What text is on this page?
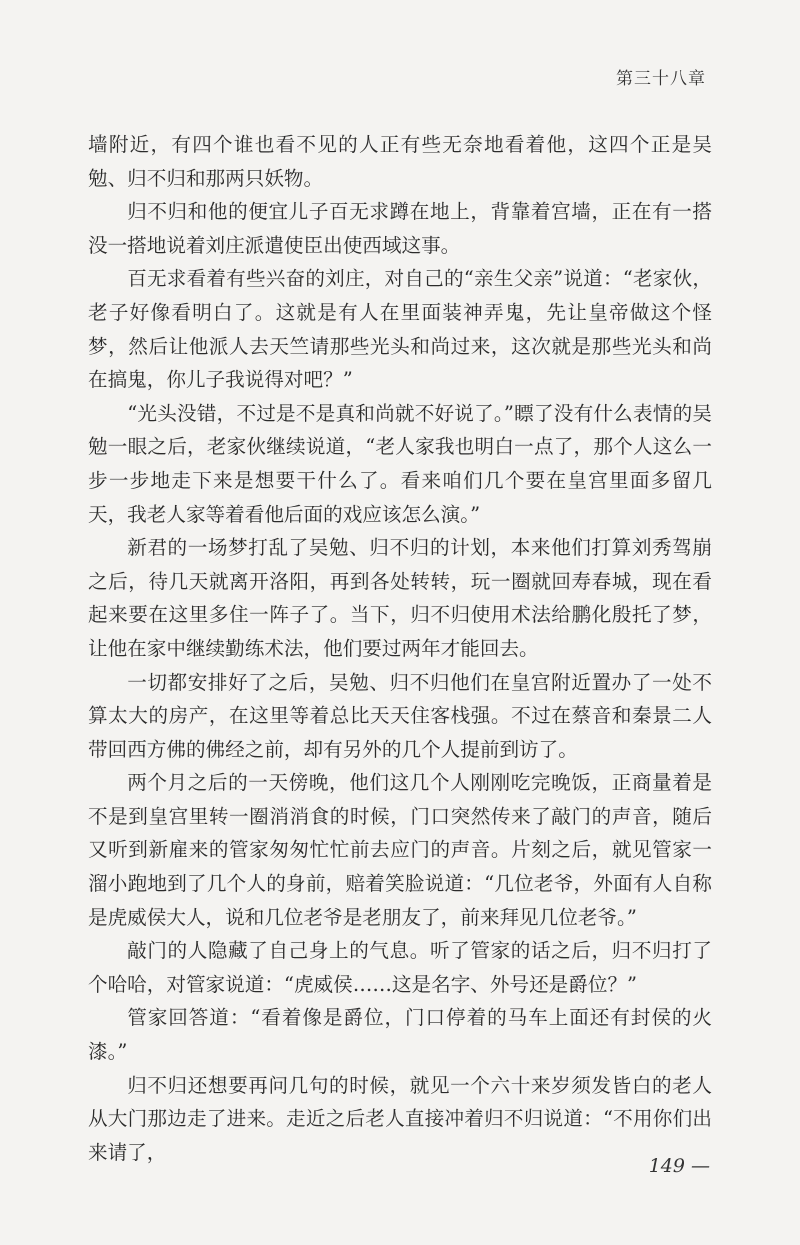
第三十八章

墙附近，有四个谁也看不见的人正有些无奈地看着他，这四个正是吴勉、归不归和那两只妖物。

归不归和他的便宜儿子百无求蹲在地上，背靠着宫墙，正在有一搭没一搭地说着刘庄派遣使臣出使西域这事。

百无求看着有些兴奋的刘庄，对自己的“亲生父亲”说道：“老家伙，老子好像看明白了。这就是有人在里面装神弄鬼，先让皇帝做这个怪梦，然后让他派人去天竺请那些光头和尚过来，这次就是那些光头和尚在搞鬼，你儿子我说得对吧？”

“光头没错，不过是不是真和尚就不好说了。”瞟了没有什么表情的吴勉一眼之后，老家伙继续说道，“老人家我也明白一点了，那个人这么一步一步地走下来是想要干什么了。看来咱们几个要在皇宫里面多留几天，我老人家等着看他后面的戏应该怎么演。”

新君的一场梦打乱了吴勉、归不归的计划，本来他们打算刘秀驾崩之后，待几天就离开洛阳，再到各处转转，玩一圈就回寿春城，现在看起来要在这里多住一阵子了。当下，归不归使用术法给鹏化殷托了梦，让他在家中继续勤练术法，他们要过两年才能回去。

一切都安排好了之后，吴勉、归不归他们在皇宫附近置办了一处不算太大的房产，在这里等着总比天天住客栈强。不过在蔡音和秦景二人带回西方佛的佛经之前，却有另外的几个人提前到访了。

两个月之后的一天傍晚，他们这几个人刚刚吃完晚饭，正商量着是不是到皇宫里转一圈消消食的时候，门口突然传来了敲门的声音，随后又听到新雇来的管家匆匆忙忙前去应门的声音。片刻之后，就见管家一溜小跑地到了几个人的身前，赔着笑脸说道：“几位老爷，外面有人自称是虎威侯大人，说和几位老爷是老朋友了，前来拜见几位老爷。”

敲门的人隐藏了自己身上的气息。听了管家的话之后，归不归打了个哈哈，对管家说道：“虎威侯……这是名字、外号还是爵位？”

管家回答道：“看着像是爵位，门口停着的马车上面还有封侯的火漆。”

归不归还想要再问几句的时候，就见一个六十来岁须发皆白的老人从大门那边走了进来。走近之后老人直接冲着归不归说道：“不用你们出来请了，

149 —
